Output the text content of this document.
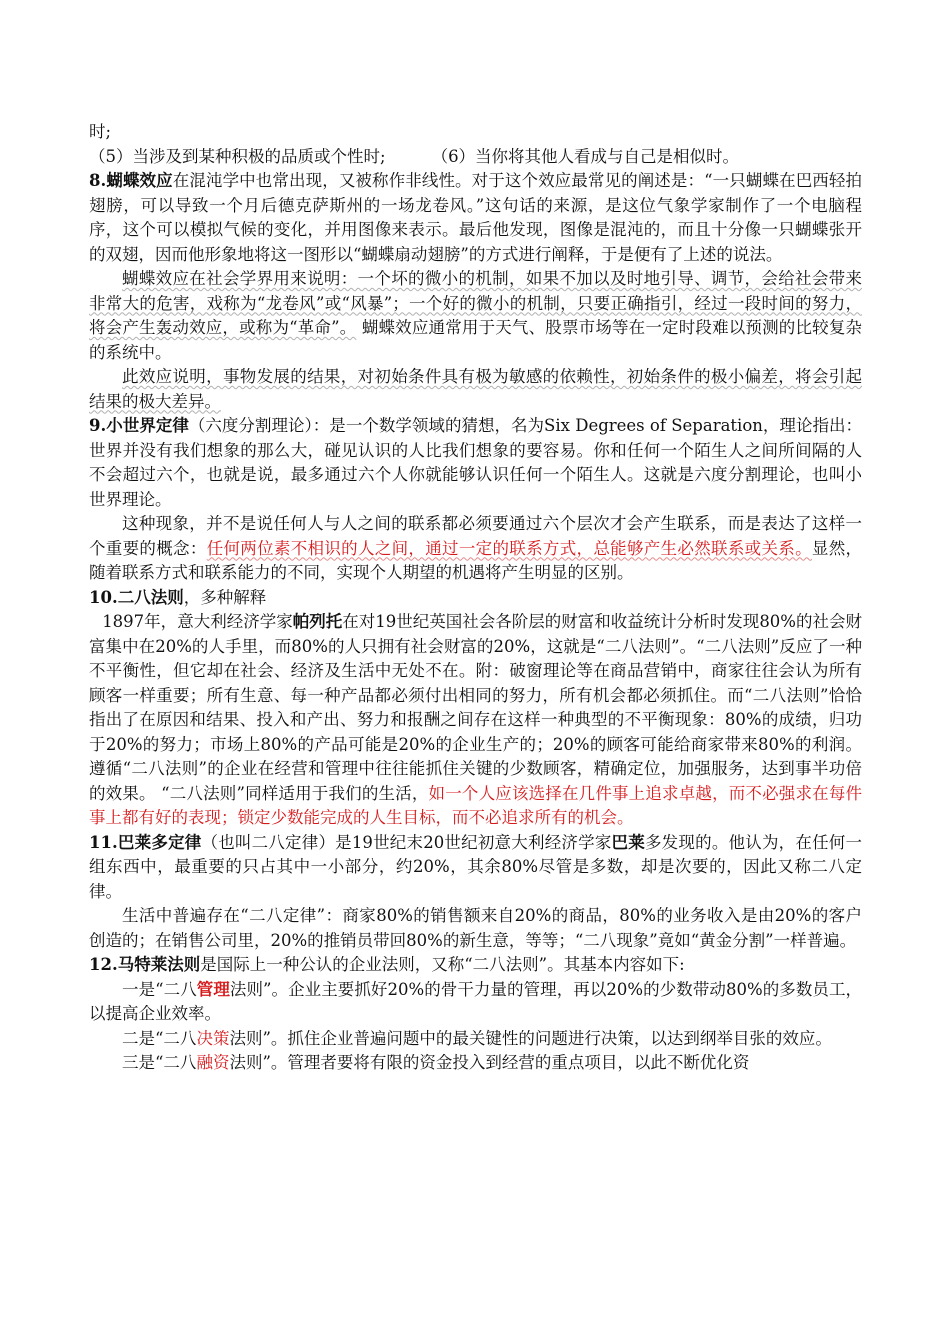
时;

（5）当涉及到某种积极的品质或个性时;	（6）当你将其他人看成与自己是相似时。

8.蝴蝶效应在混沌学中也常出现，又被称作非线性。对于这个效应最常见的阐述是：“一只蝴蝶在巴西轻拍翅膀，可以导致一个月后德克萨斯州的一场龙卷风。”这句话的来源，是这位气象学家制作了一个电脑程序，这个可以模拟气候的变化，并用图像来表示。最后他发现，图像是混沌的，而且十分像一只蝴蝶张开的双翅，因而他形象地将这一图形以“蝴蝶扇动翅膀”的方式进行阐释，于是便有了上述的说法。

蝴蝶效应在社会学界用来说明：一个坏的微小的机制，如果不加以及时地引导、调节，会给社会带来非常大的危害，戏称为“龙卷风”或“风暴”；一个好的微小的机制，只要正确指引，经过一段时间的努力，将会产生轰动效应，或称为“革命”。 蝴蝶效应通常用于天气、股票市场等在一定时段难以预测的比较复杂的系统中。

此效应说明，事物发展的结果，对初始条件具有极为敏感的依赖性，初始条件的极小偏差，将会引起结果的极大差异。

9.小世界定律（六度分割理论）：是一个数学领域的猜想，名为Six Degrees of Separation，理论指出：世界并没有我们想象的那么大，碰见认识的人比我们想象的要容易。你和任何一个陌生人之间所间隔的人不会超过六个，也就是说，最多通过六个人你就能够认识任何一个陌生人。这就是六度分割理论，也叫小世界理论。

这种现象，并不是说任何人与人之间的联系都必须要通过六个层次才会产生联系，而是表达了这样一个重要的概念：任何两位素不相识的人之间，通过一定的联系方式，总能够产生必然联系或关系。显然，随着联系方式和联系能力的不同，实现个人期望的机遇将产生明显的区别。

10.二八法则，多种解释

1897年，意大利经济学家帕列托在对19世纪英国社会各阶层的财富和收益统计分析时发现80%的社会财富集中在20%的人手里，而80%的人只拥有社会财富的20%，这就是“二八法则”。“二八法则”反应了一种不平衡性，但它却在社会、经济及生活中无处不在。附：破窗理论等在商品营销中，商家往往会认为所有顾客一样重要；所有生意、每一种产品都必须付出相同的努力，所有机会都必须抓住。而“二八法则”恰恰指出了在原因和结果、投入和产出、努力和报酬之间存在这样一种典型的不平衡现象：80%的成绩，归功于20%的努力；市场上80%的产品可能是20%的企业生产的；20%的顾客可能给商家带来80%的利润。遵循“二八法则”的企业在经营和管理中往往能抓住关键的少数顾客，精确定位，加强服务，达到事半功倍的效果。 “二八法则”同样适用于我们的生活，如一个人应该选择在几件事上追求卓越，而不必强求在每件事上都有好的表现；锁定少数能完成的人生目标，而不必追求所有的机会。

11.巴莱多定律（也叫二八定律）是19世纪末20世纪初意大利经济学家巴莱多发现的。他认为，在任何一组东西中，最重要的只占其中一小部分，约20%，其余80%尽管是多数，却是次要的，因此又称二八定律。

生活中普遍存在“二八定律”：商家80%的销售额来自20%的商品，80%的业务收入是由20%的客户创造的；在销售公司里，20%的推销员带回80%的新生意，等等；“二八现象”竟如“黄金分割”一样普遍。

12.马特莱法则是国际上一种公认的企业法则，又称“二八法则”。其基本内容如下:

一是“二八管理法则”。企业主要抓好20%的骨干力量的管理，再以20%的少数带动80%的多数员工，以提高企业效率。

二是“二八决策法则”。抓住企业普遍问题中的最关键性的问题进行决策，以达到纲举目张的效应。

三是“二八融资法则”。管理者要将有限的资金投入到经营的重点项目，以此不断优化资
